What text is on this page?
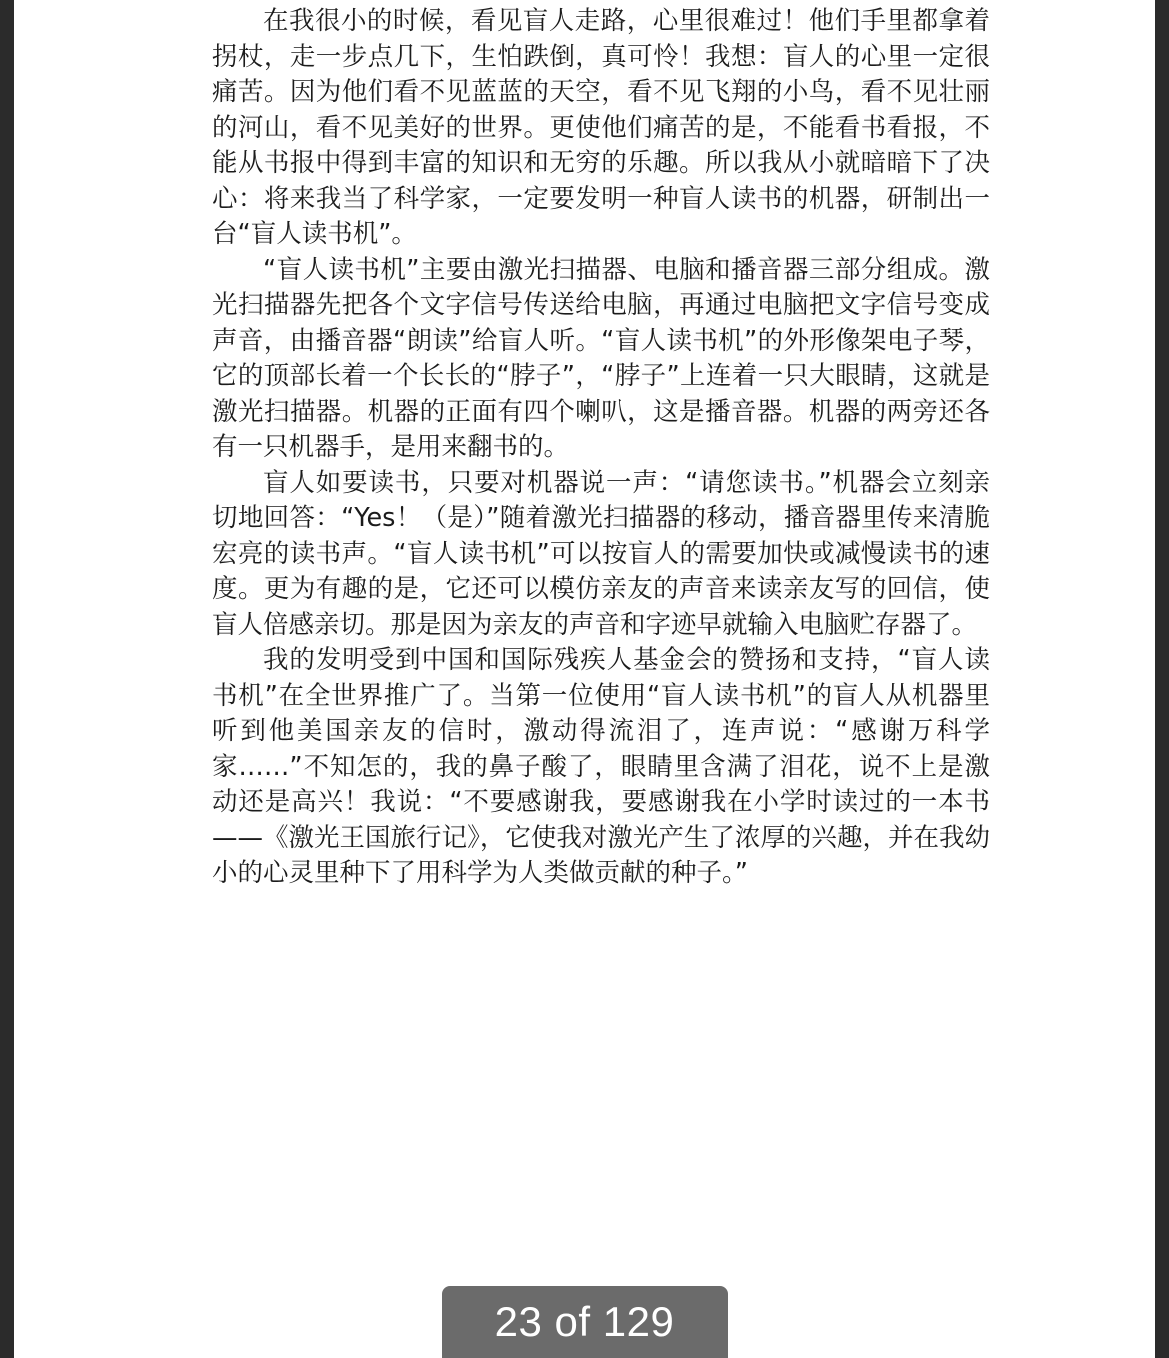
在我很小的时候，看见盲人走路，心里很难过！他们手里都拿着拐杖，走一步点几下，生怕跌倒，真可怜！我想：盲人的心里一定很痛苦。因为他们看不见蓝蓝的天空，看不见飞翔的小鸟，看不见壮丽的河山，看不见美好的世界。更使他们痛苦的是，不能看书看报，不能从书报中得到丰富的知识和无穷的乐趣。所以我从小就暗暗下了决心：将来我当了科学家，一定要发明一种盲人读书的机器，研制出一台“盲人读书机”。

“盲人读书机”主要由激光扫描器、电脑和播音器三部分组成。激光扫描器先把各个文字信号传送给电脑，再通过电脑把文字信号变成声音，由播音器“朗读”给盲人听。“盲人读书机”的外形像架电子琴，它的顶部长着一个长长的“脖子”，“脖子”上连着一只大眼睛，这就是激光扫描器。机器的正面有四个喇叭，这是播音器。机器的两旁还各有一只机器手，是用来翻书的。

盲人如要读书，只要对机器说一声：“请您读书。”机器会立刻亲切地回答：“Yes！（是）”随着激光扫描器的移动，播音器里传来清脆宏亮的读书声。“盲人读书机”可以按盲人的需要加快或减慢读书的速度。更为有趣的是，它还可以模仿亲友的声音来读亲友写的回信，使盲人倍感亲切。那是因为亲友的声音和字迹早就输入电脑贮存器了。

我的发明受到中国和国际残疾人基金会的赞扬和支持，“盲人读书机”在全世界推广了。当第一位使用“盲人读书机”的盲人从机器里听到他美国亲友的信时，激动得流泪了，连声说：“感谢万科学家……”不知怎的，我的鼻子酸了，眼睛里含满了泪花，说不上是激动还是高兴！我说：“不要感谢我，要感谢我在小学时读过的一本书——《激光王国旅行记》，它使我对激光产生了浓厚的兴趣，并在我幼小的心灵里种下了用科学为人类做贡献的种子。”

23 of 129
